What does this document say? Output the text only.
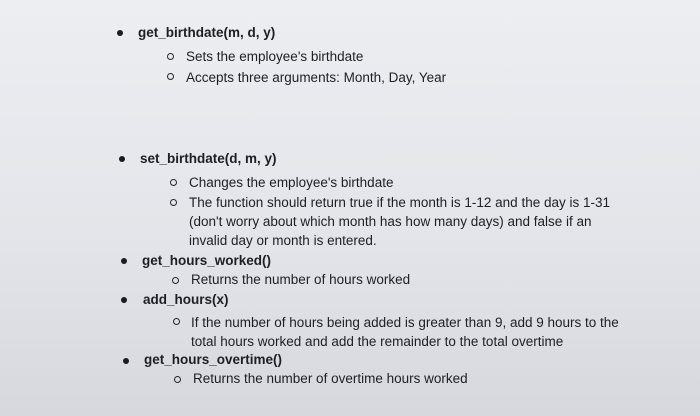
get_birthdate(m, d, y)
Sets the employee's birthdate
Accepts three arguments: Month, Day, Year
set_birthdate(d, m, y)
Changes the employee's birthdate
The function should return true if the month is 1-12 and the day is 1-31
(don't worry about which month has how many days) and false if an
invalid day or month is entered.
get_hours_worked()
Returns the number of hours worked
add_hours(x)
If the number of hours being added is greater than 9, add 9 hours to the
total hours worked and add the remainder to the total overtime
get_hours_overtime()
Returns the number of overtime hours worked
